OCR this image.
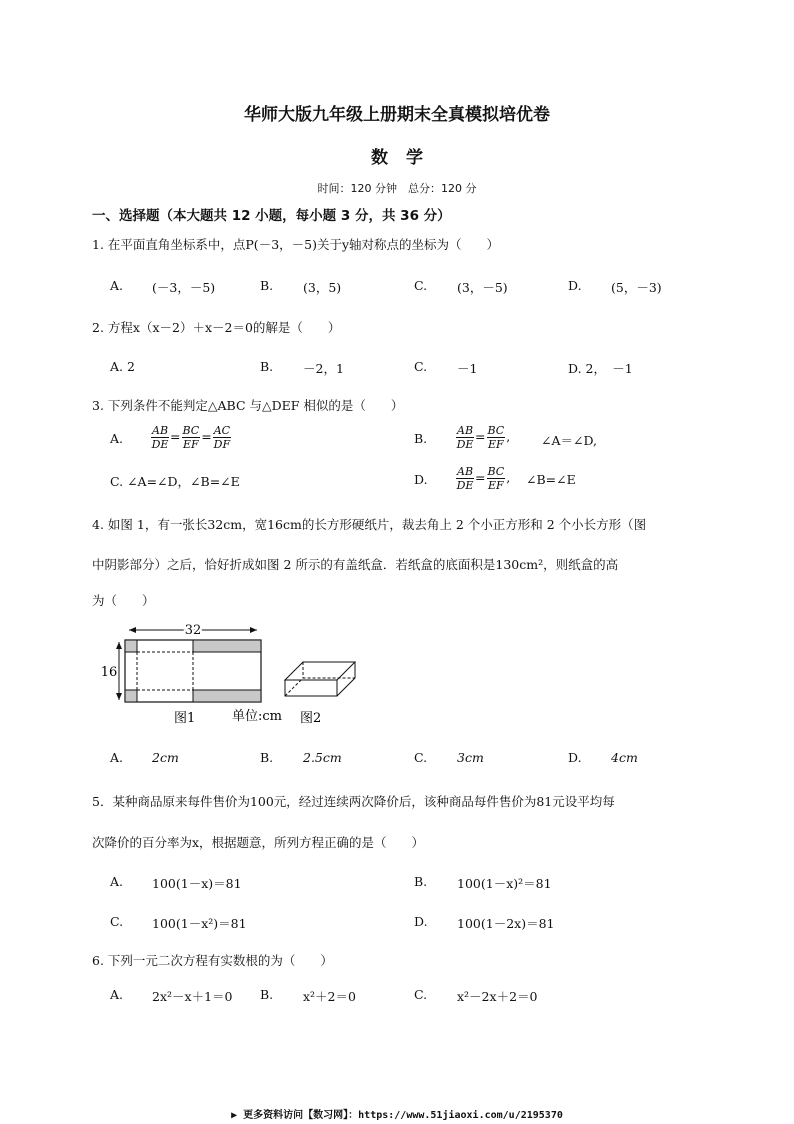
华师大版九年级上册期末全真模拟培优卷
数学
时间：120 分钟　总分：120 分
一、选择题（本大题共 12 小题，每小题 3 分，共 36 分）
1. 在平面直角坐标系中，点P(－3，－5)关于y轴对称点的坐标为（　　）
A. (－3，－5)	B. (3，5)	C. (3，－5)	D. (5，－3)
2. 方程x（x－2）＋x－2＝0的解是（　　）
A. 2	B. －2，1	C. －1	D. 2，　－1
3. 下列条件不能判定△ABC 与△DEF 相似的是（　　）
A.	$\frac{AB}{DE} = \frac{BC}{EF} = \frac{AC}{DF}$	B.	$\frac{AB}{DE} = \frac{BC}{EF}$ , ∠A＝∠D,
C. ∠A=∠D，∠B=∠E	D.	$\frac{AB}{DE} = \frac{BC}{EF}$ , ∠B=∠E
4. 如图 1，有一张长32cm，宽16cm的长方形硬纸片，裁去角上 2 个小正方形和 2 个小长方形（图
中阴影部分）之后，恰好折成如图 2 所示的有盖纸盒．若纸盒的底面积是130cm²，则纸盒的高
为（　　）
32
16
图1	单位:cm 图2
A. 2cm	B. 2.5cm	C. 3cm	D. 4cm
5．某种商品原来每件售价为100元，经过连续两次降价后，该种商品每件售价为81元设平均每
次降价的百分率为x，根据题意，所列方程正确的是（　　）
A. 100(1－x)＝81	B. 100(1－x)²＝81
C. 100(1－x²)＝81	D. 100(1－2x)＝81
6. 下列一元二次方程有实数根的为（　　）
A. 2x²－x＋1＝0 B. x²＋2＝0	C. x²－2x＋2＝0
▶ 更多资料访问【数习网】：https://www.51jiaoxi.com/u/2195370
